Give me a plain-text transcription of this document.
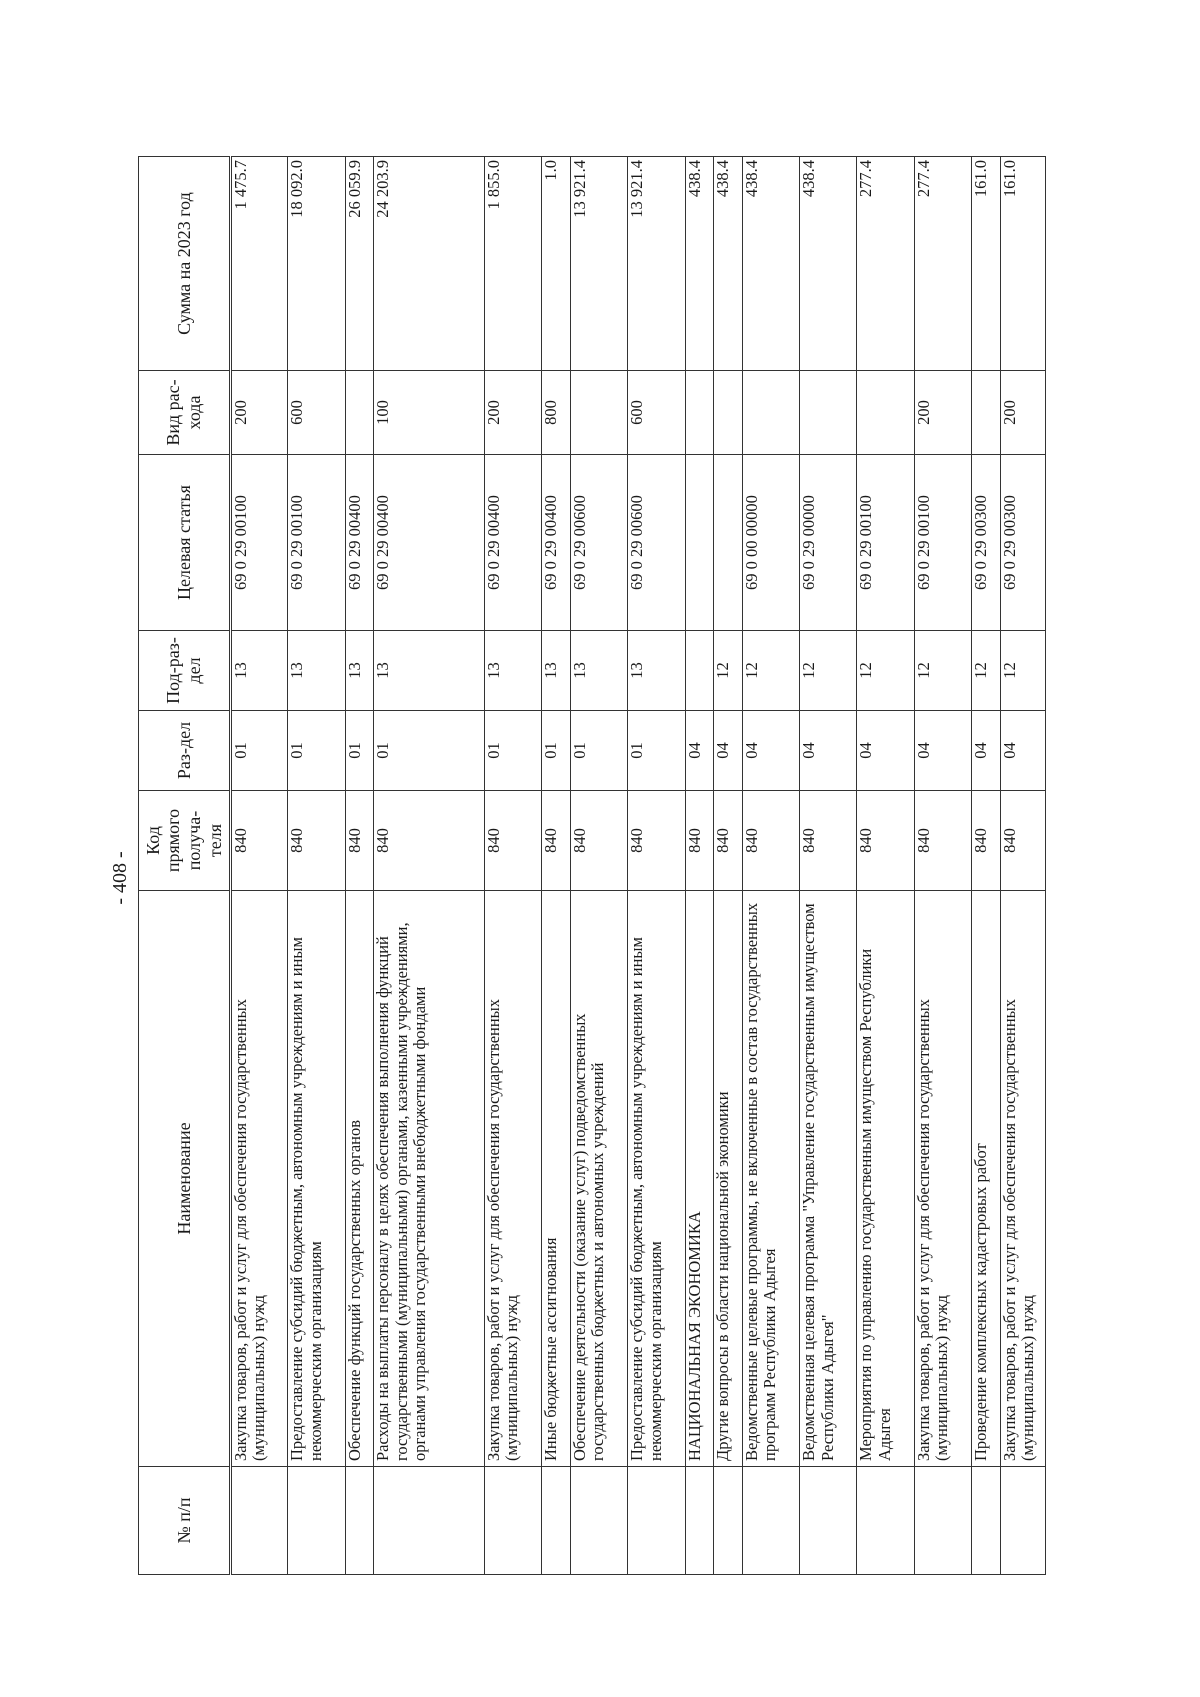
- 408 -
№ п/п	Наименование	Код прямого получа-теля	Раз-дел	Под-раз-дел	Целевая статья	Вид рас-хода	Сумма на 2023 год
	Закупка товаров, работ и услуг для обеспечения государственных (муниципальных) нужд	840	01	13	69 0 29 00100	200	1 475.7
	Предоставление субсидий бюджетным, автономным учреждениям и иным некоммерческим организациям	840	01	13	69 0 29 00100	600	18 092.0
	Обеспечение функций государственных органов	840	01	13	69 0 29 00400		26 059.9
	Расходы на выплаты персоналу в целях обеспечения выполнения функций государственными (муниципальными) органами, казенными учреждениями, органами управления государственными внебюджетными фондами	840	01	13	69 0 29 00400	100	24 203.9
	Закупка товаров, работ и услуг для обеспечения государственных (муниципальных) нужд	840	01	13	69 0 29 00400	200	1 855.0
	Иные бюджетные ассигнования	840	01	13	69 0 29 00400	800	1.0
	Обеспечение деятельности (оказание услуг) подведомственных государственных бюджетных и автономных учреждений	840	01	13	69 0 29 00600		13 921.4
	Предоставление субсидий бюджетным, автономным учреждениям и иным некоммерческим организациям	840	01	13	69 0 29 00600	600	13 921.4
	НАЦИОНАЛЬНАЯ ЭКОНОМИКА	840	04				438.4
	Другие вопросы в области национальной экономики	840	04	12			438.4
	Ведомственные целевые программы, не включенные в состав государственных программ Республики Адыгея	840	04	12	69 0 00 00000		438.4
	Ведомственная целевая программа "Управление государственным имуществом Республики Адыгея"	840	04	12	69 0 29 00000		438.4
	Мероприятия по управлению государственным имуществом Республики Адыгея	840	04	12	69 0 29 00100		277.4
	Закупка товаров, работ и услуг для обеспечения государственных (муниципальных) нужд	840	04	12	69 0 29 00100	200	277.4
	Проведение комплексных кадастровых работ	840	04	12	69 0 29 00300		161.0
	Закупка товаров, работ и услуг для обеспечения государственных (муниципальных) нужд	840	04	12	69 0 29 00300	200	161.0
